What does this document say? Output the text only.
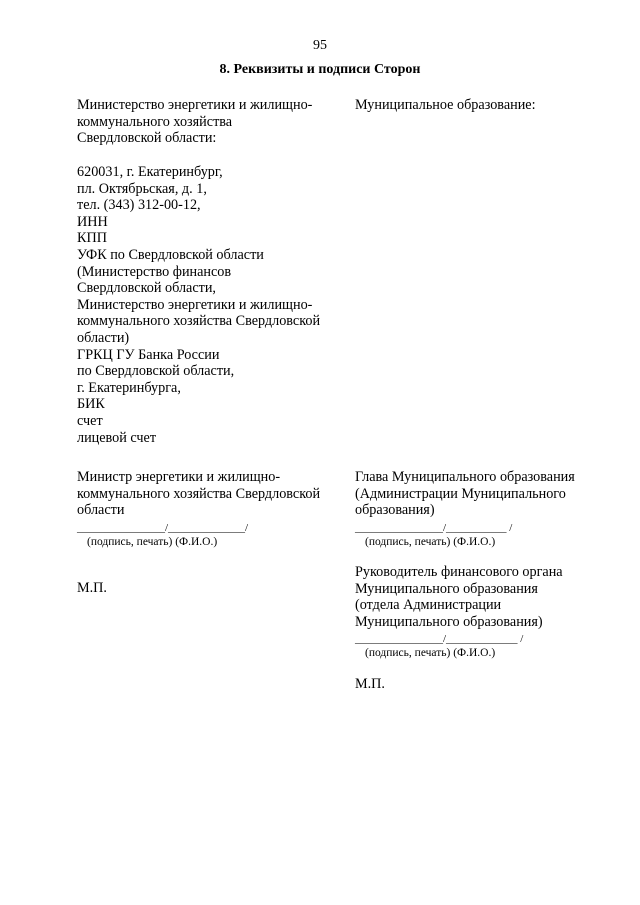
95
8. Реквизиты и подписи Сторон
Министерство энергетики и жилищно-
коммунального хозяйства
Свердловской области:
620031, г. Екатеринбург,
пл. Октябрьская, д. 1,
тел. (343) 312-00-12,
ИНН
КПП
УФК по Свердловской области
(Министерство финансов
Свердловской области,
Министерство энергетики и жилищно-
коммунального хозяйства Свердловской
области)
ГРКЦ ГУ Банка России
по Свердловской области,
г. Екатеринбурга,
БИК
счет
лицевой счет
Министр энергетики и жилищно-
коммунального хозяйства Свердловской
области
________________/______________/
(подпись, печать) (Ф.И.О.)
М.П.
Муниципальное образование:
Глава Муниципального образования
(Администрации Муниципального
образования)
________________/___________ /
(подпись, печать) (Ф.И.О.)
Руководитель финансового органа
Муниципального образования
(отдела Администрации
Муниципального образования)
________________/_____________ /
(подпись, печать) (Ф.И.О.)
М.П.
